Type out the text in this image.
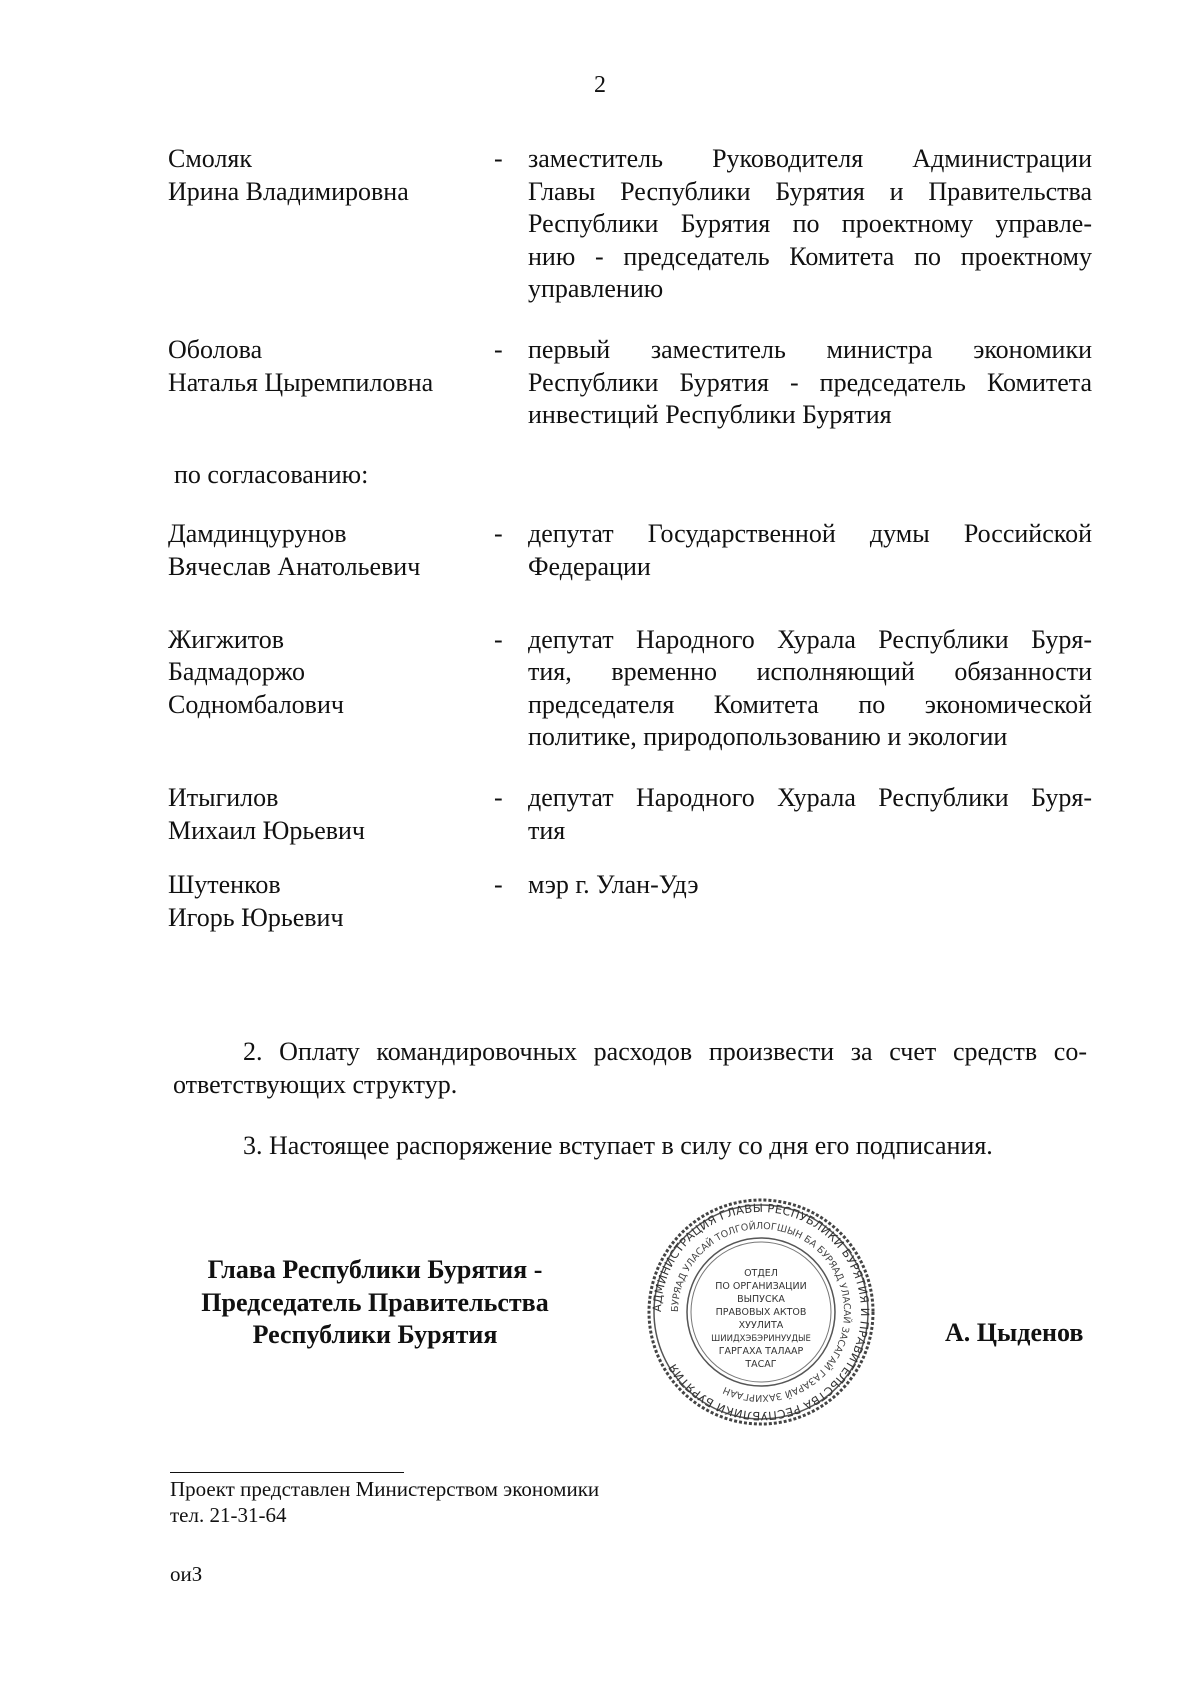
2
Смоляк
Ирина Владимировна
- заместитель Руководителя Администрации
Главы Республики Бурятия и Правительства
Республики Бурятия по проектному управле-
нию - председатель Комитета по проектному
управлению
Оболова
Наталья Цыремпиловна
- первый заместитель министра экономики
Республики Бурятия - председатель Комитета
инвестиций Республики Бурятия

по согласованию:

Дамдинцурунов
Вячеслав Анатольевич
- депутат Государственной думы Российской
Федерации
Жигжитов
Бадмадоржо
Содномбалович
- депутат Народного Хурала Республики Буря-
тия, временно исполняющий обязанности
председателя Комитета по экономической
политике, природопользованию и экологии
Итыгилов
Михаил Юрьевич
- депутат Народного Хурала Республики Буря-
тия
Шутенков
Игорь Юрьевич
- мэр г. Улан-Удэ
2. Оплату командировочных расходов произвести за счет средств со-
ответствующих структур.
3. Настоящее распоряжение вступает в силу со дня его подписания.
Глава Республики Бурятия -
Председатель Правительства
Республики Бурятия
АДМИНИСТРАЦИЯ ГЛАВЫ РЕСПУБЛИКИ БУРЯТИЯ И ПРАВИТЕЛЬСТВА РЕСПУБЛИКИ БУРЯТИЯ
БУРЯАД УЛАСАЙ ТОЛГОЙЛОГШЫН БА БУРЯАД УЛАСАЙ ЗАСАГАЙ ГАЗАРАЙ ЗАХИРГААН
ОТДЕЛ
ПО ОРГАНИЗАЦИИ
ВЫПУСКА
ПРАВОВЫХ АКТОВ
ХУУЛИТА
ШИИДХЭБЭРИНУУДЫЕ
ГАРГАХА ТАЛААР
ТАСАГ
А. Цыденов
Проект представлен Министерством экономики
тел. 21-31-64
оиЗ
